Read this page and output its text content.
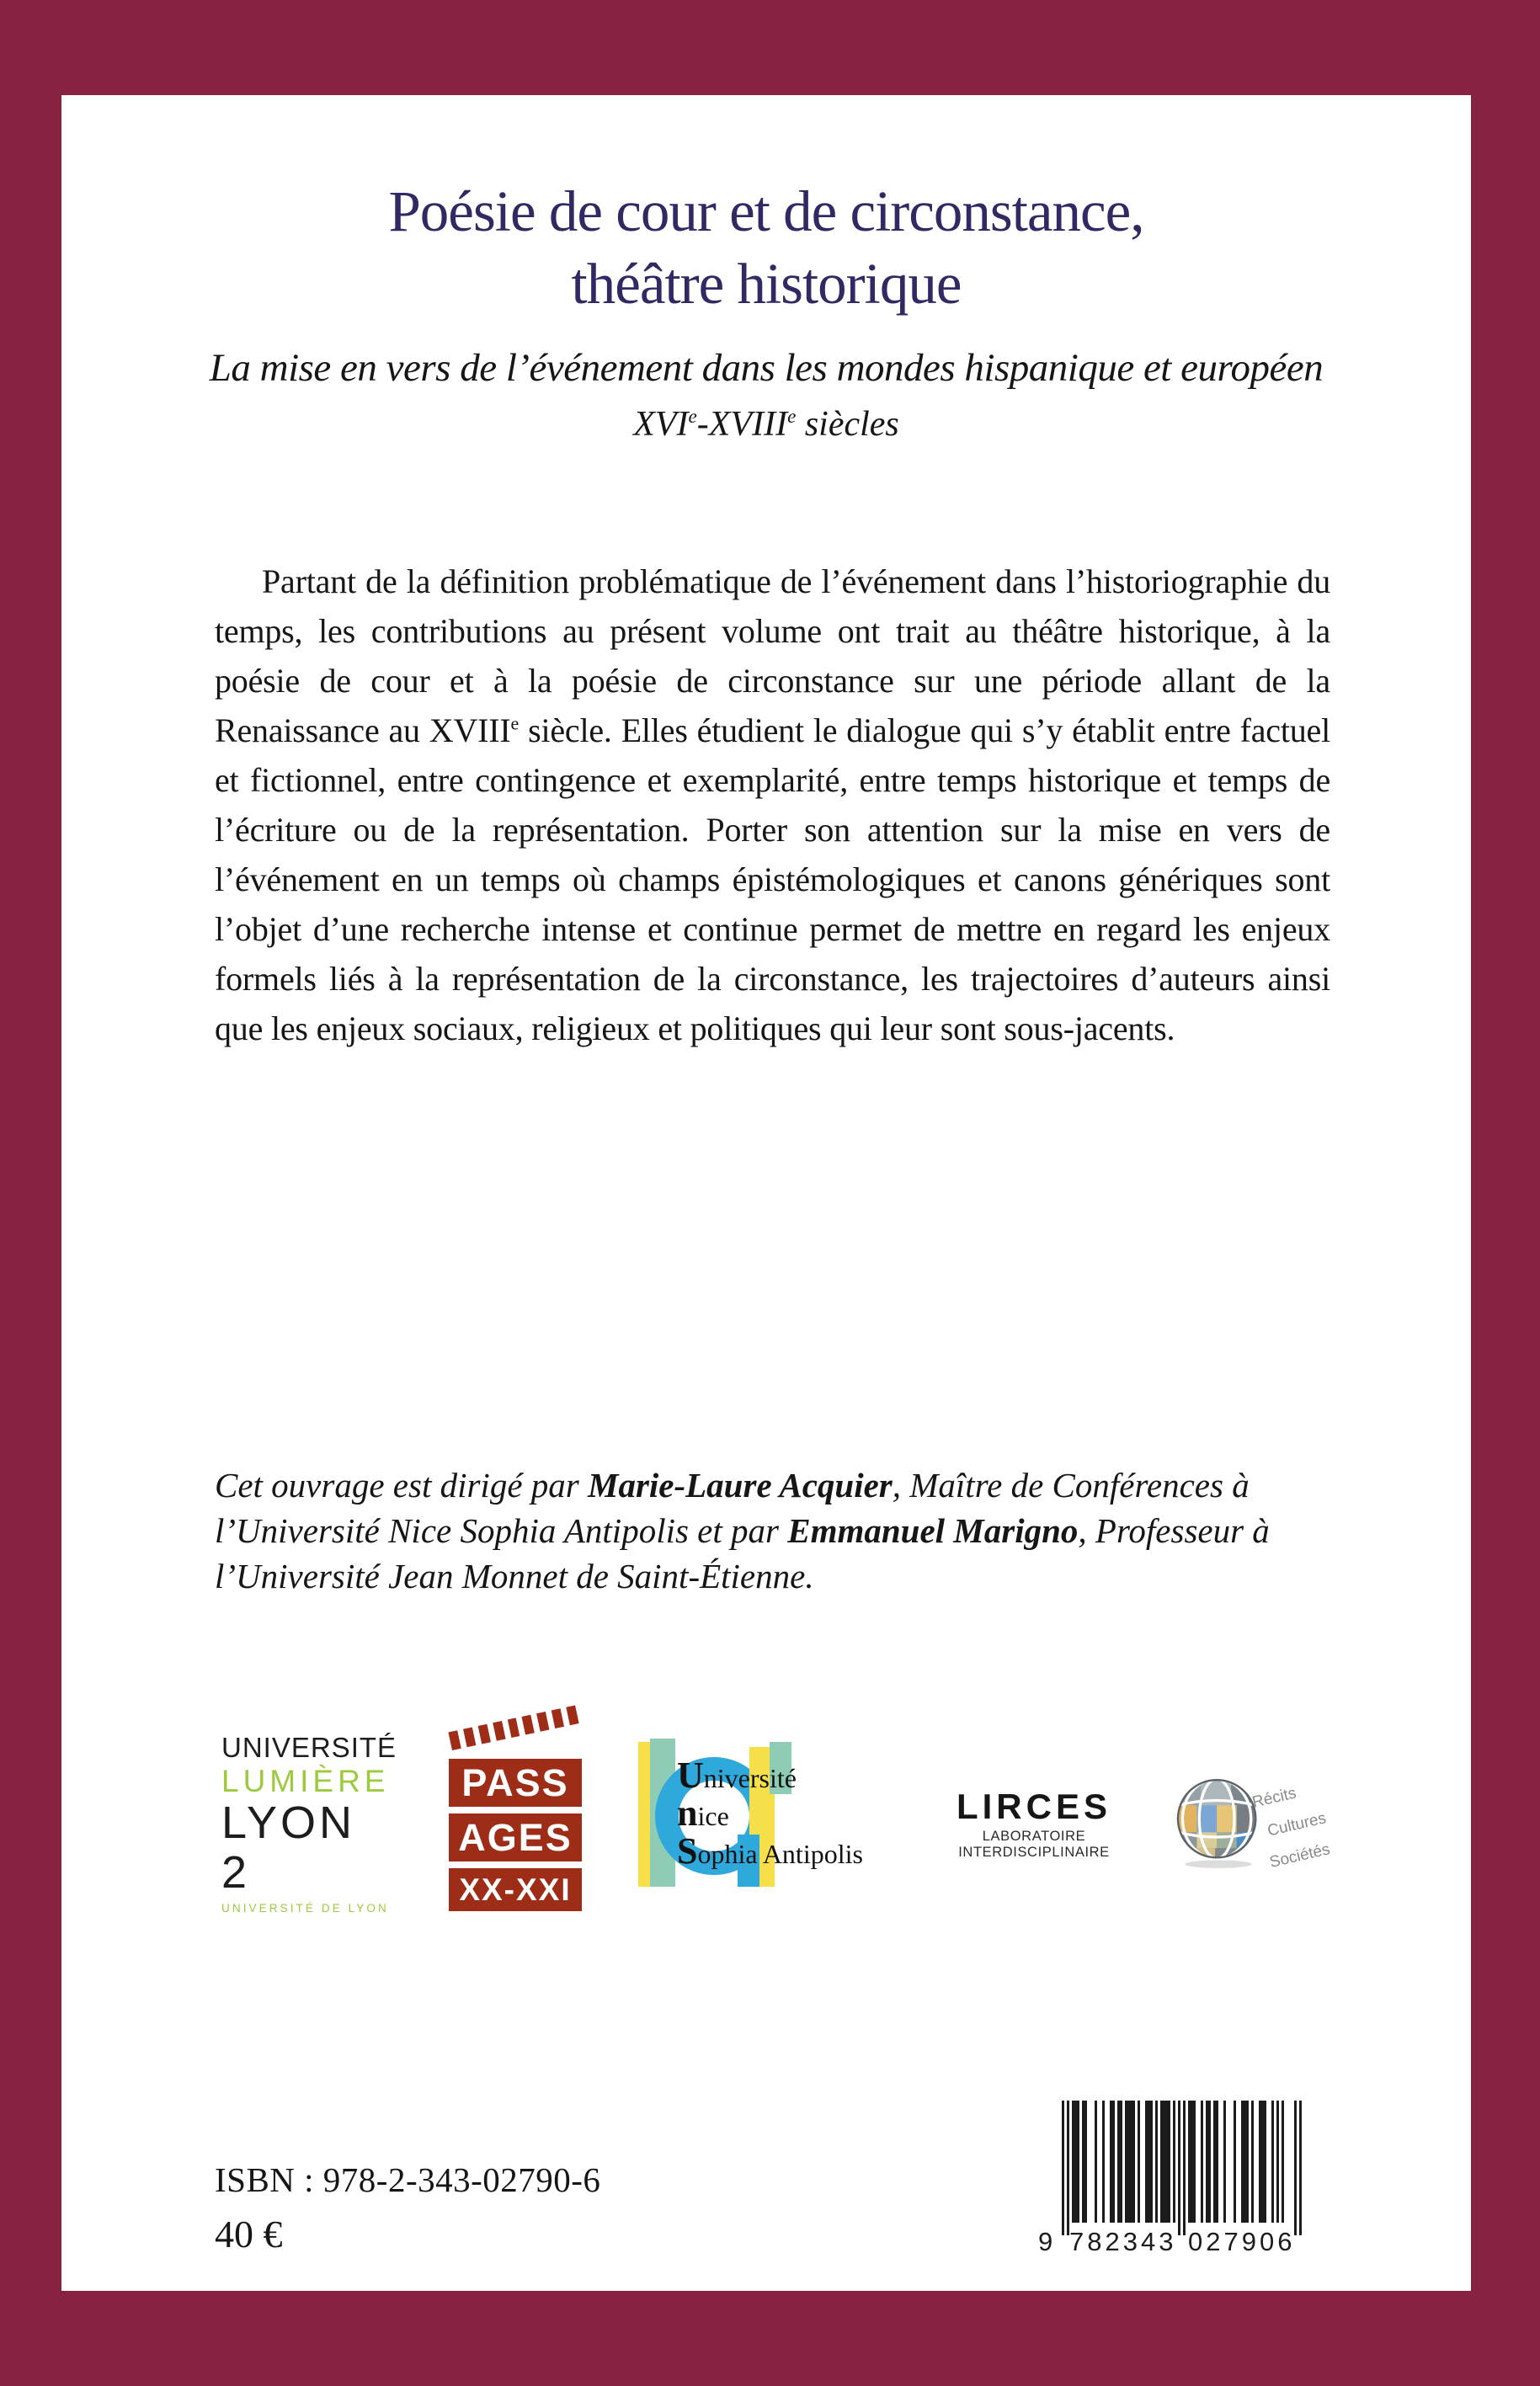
Poésie de cour et de circonstance,
théâtre historique
La mise en vers de l’événement dans les mondes hispanique et européen
XVIe-XVIIIe siècles

Partant de la définition problématique de l’événement dans l’historiographie du temps, les contributions au présent volume ont trait au théâtre historique, à la poésie de cour et à la poésie de circonstance sur une période allant de la Renaissance au XVIIIe siècle. Elles étudient le dialogue qui s’y établit entre factuel et fictionnel, entre contingence et exemplarité, entre temps historique et temps de l’écriture ou de la représentation. Porter son attention sur la mise en vers de l’événement en un temps où champs épistémologiques et canons génériques sont l’objet d’une recherche intense et continue permet de mettre en regard les enjeux formels liés à la représentation de la circonstance, les trajectoires d’auteurs ainsi que les enjeux sociaux, religieux et politiques qui leur sont sous-jacents.

Cet ouvrage est dirigé par Marie-Laure Acquier, Maître de Conférences à l’Université Nice Sophia Antipolis et par Emmanuel Marigno, Professeur à l’Université Jean Monnet de Saint-Étienne.

UNIVERSITÉ
LUMIÈRE
LYON 2
UNIVERSITÉ DE LYON
PASS
AGES
XX-XXI
Université
nice
Sophia Antipolis
LIRCES
LABORATOIRE INTERDISCIPLINAIRE
Récits
Cultures
Sociétés
ISBN : 978-2-343-02790-6
40 €	9 782343 027906
